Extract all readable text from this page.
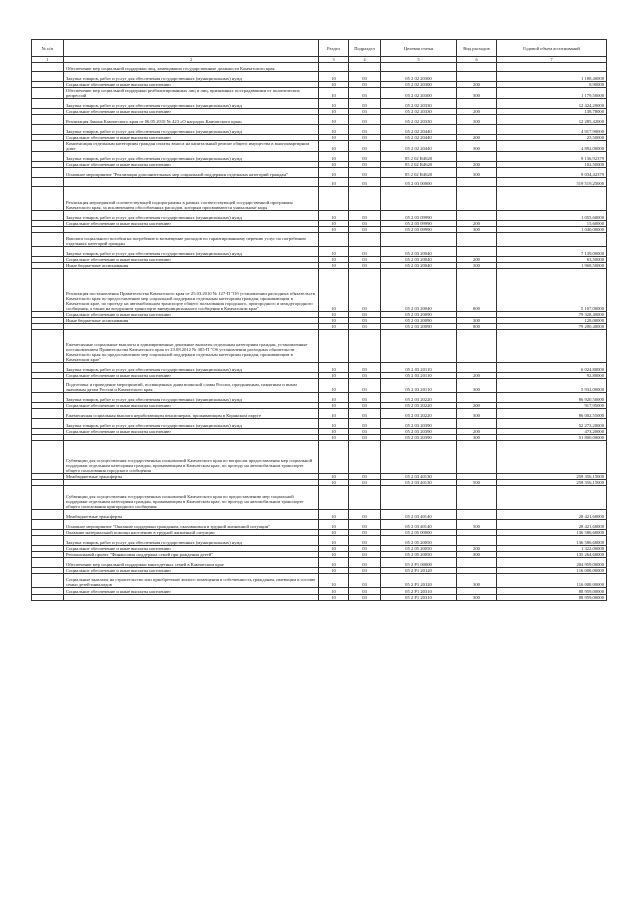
№ п/п		Раздел	Подраздел	Целевая статья	Вид расходов	Годовой объем ассигнований
1	2	3	4	5	6	7
	Обеспечение мер социальной поддержки лиц, замещавших государственные должности Камчатского края					
	Закупка товаров, работ и услуг для обеспечения государственных (муниципальных) нужд	10	03	05 2 02 20300		1 188,40000
	Социальное обеспечение и иные выплаты населению	10	03	05 2 02 20300	200	8,90000
	Обеспечение мер социальной поддержки реабилитированных лиц и лиц, признанных пострадавшими от политических репрессий	10	03	05 2 02 20300	300	1 179,50000
	Закупка товаров, работ и услуг для обеспечения государственных (муниципальных) нужд	10	03	05 2 02 20330		12 424,20000
	Социальное обеспечение и иные выплаты населению	10	03	05 2 02 20330	200	138,78000
	Реализация Закона Камчатского края от 06.05.2010 № 423 «О наградах Камчатского края»	10	03	05 2 02 20330	300	12 285,42000
	Закупка товаров, работ и услуг для обеспечения государственных (муниципальных) нужд	10	03	05 2 02 20440		4 917,90000
	Социальное обеспечение и иные выплаты населению	10	03	05 2 02 20440	200	25,50000
	Компенсация отдельным категориям граждан оплаты взноса на капитальный ремонт общего имущества в многоквартирном доме	10	03	05 2 02 20440	300	4 892,00000
	Закупка товаров, работ и услуг для обеспечения государственных (муниципальных) нужд	10	03	05 2 02 R4620		9 136,92379
	Социальное обеспечение и иные выплаты населению	10	03	05 2 02 R4620	200	102,50000
	Основное мероприятие "Реализация дополнительных мер социальной поддержки отдельных категорий граждан"	10	03	05 2 02 R4620	300	9 034,42379
		10	03	05 2 03 00000		519 519,25000
	Реализация мероприятий соответствующей подпрограммы в рамках соответствующей государственной программы Камчатского края, за исключением обособленных расходов, которым присваиваются уникальные коды					
	Закупка товаров, работ и услуг для обеспечения государственных (муниципальных) нужд	10	03	05 2 03 09990		1 055,60000
	Социальное обеспечение и иные выплаты населению	10	03	05 2 03 09990	200	15,60000
		10	03	05 2 03 09990	300	1 040,00000
	Выплата социального пособия на погребение и возмещение расходов по гарантированному перечню услуг по погребению отдельных категорий граждан					
	Закупка товаров, работ и услуг для обеспечения государственных (муниципальных) нужд	10	03	05 2 03 20040		7 139,00000
	Социальное обеспечение и иные выплаты населению	10	03	05 2 03 20040	200	63,50000
	Иные бюджетные ассигнования	10	03	05 2 03 20040	300	1 968,50000
	Реализация постановления Правительства Камчатского края от 25.03.2010 № 127-П "Об установлении расходных обязательств Камчатского края по предоставлению мер социальной поддержки отдельным категориям граждан, проживающим в Камчатском крае, по проезду на автомобильном транспорте общего пользования городского, пригородного и междугородного сообщения, а также на воздушном транспорте внемуниципального сообщения в Камчатском крае"	10	03	05 2 03 20040	800	5 107,00000
	Социальное обеспечение и иные выплаты населению	10	03	05 2 03 20090		79 328,40000
	Иные бюджетные ассигнования	10	03	05 2 03 20090	300	128,00000
		10	03	05 2 03 20090	800	79 200,40000
	Ежемесячные социальные выплаты и единовременные денежные выплаты отдельным категориям граждан, установленные постановлением Правительства Камчатского края от 23.08.2012 № 385-П "Об установлении расходных обязательств Камчатского края по предоставлению мер социальной поддержки отдельным категориям граждан, проживающим в Камчатском крае"					
	Закупка товаров, работ и услуг для обеспечения государственных (муниципальных) нужд	10	03	05 2 03 20110		6 024,80000
	Социальное обеспечение и иные выплаты населению	10	03	05 2 03 20110	200	92,80000
	Подготовка и проведение мероприятий, посвященных дням воинской славы России, праздничным, памятным и иным значимым датам России и Камчатского края	10	03	05 2 03 20110	300	5 932,00000
	Закупка товаров, работ и услуг для обеспечения государственных (муниципальных) нужд	10	03	05 2 03 20220		86 920,50000
	Социальное обеспечение и иные выплаты населению	10	03	05 2 03 20220	200	917,95000
	Ежемесячная социальная выплата неработающим пенсионерам, проживающим в Корякском округе	10	03	05 2 03 20220	300	86 002,55000
	Закупка товаров, работ и услуг для обеспечения государственных (муниципальных) нужд	10	03	05 2 03 20390		52 273,20000
	Социальное обеспечение и иные выплаты населению	10	03	05 2 03 20390	200	473,20000
		10	03	05 2 03 20390	300	51 800,00000
	Субвенции для осуществления государственных полномочий Камчатского края по вопросам предоставления мер социальной поддержки отдельным категориям граждан, проживающим в Камчатском крае, по проезду на автомобильном транспорте общего пользования городского сообщения					
	Межбюджетные трансферты	10	03	05 2 03 40130		258 356,15000
		10	03	05 2 03 40130	500	258 356,15000
	Субвенции для осуществления государственных полномочий Камчатского края по предоставлению мер социальной поддержки отдельным категориям граждан, проживающим в Камчатском крае, по проезду на автомобильном транспорте общего пользования пригородного сообщения					
	Межбюджетные трансферты	10	03	05 2 03 40140		28 421,60000
	Основное мероприятие "Оказание поддержки гражданам, оказавшимся в трудной жизненной ситуации"	10	03	05 2 03 40140	500	28 421,60000
	Оказание материальной помощи населению в трудной жизненной ситуации	10	03	05 2 05 00000		136 586,60000
	Закупка товаров, работ и услуг для обеспечения государственных (муниципальных) нужд	10	03	05 2 05 20050		136 586,60000
	Социальное обеспечение и иные выплаты населению	10	03	05 2 05 20050	200	1 322,00000
	Региональный проект "Финансовая поддержка семей при рождении детей"	10	03	05 2 05 20050	300	135 264,60000
	Обеспечение мер социальной поддержки многодетных семей в Камчатском крае	10	03	05 2 P1 00000		204 959,00000
	Социальное обеспечение и иные выплаты населению	10	03	05 2 P1 20120		116 000,00000
	Социальные выплаты на строительство или приобретение жилого помещения в собственность гражданам, имеющим в составе семьи детей-инвалидов	10	03	05 2 P1 20120	300	116 000,00000
	Социальное обеспечение и иные выплаты населению	10	03	05 2 P1 20310		88 959,00000
		10	03	05 2 P1 20310	300	88 959,00000
